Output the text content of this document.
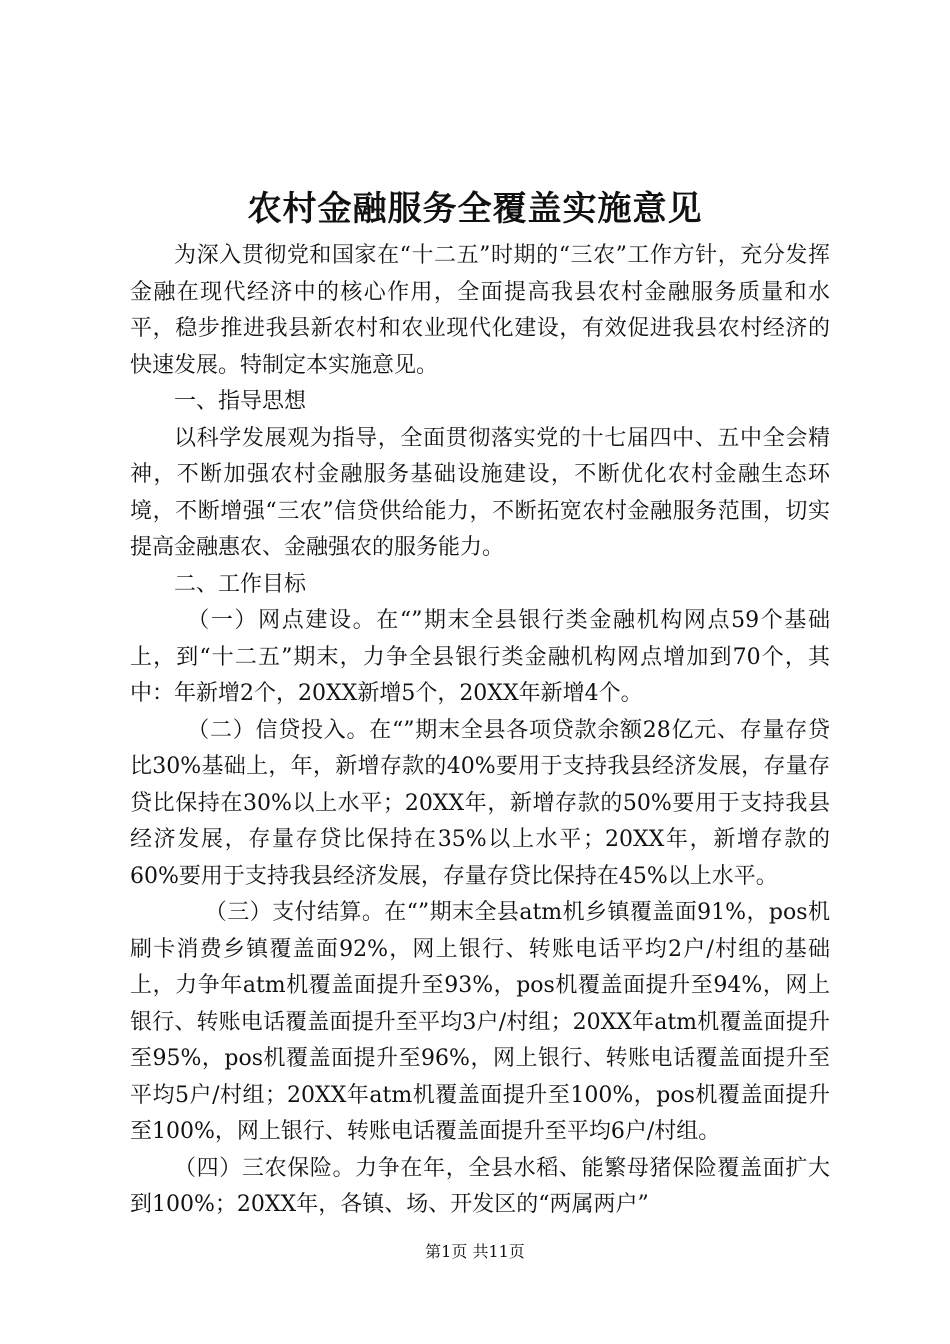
农村金融服务全覆盖实施意见

为深入贯彻党和国家在“十二五”时期的“三农”工作方针，充分发挥金融在现代经济中的核心作用，全面提高我县农村金融服务质量和水平，稳步推进我县新农村和农业现代化建设，有效促进我县农村经济的快速发展。特制定本实施意见。

一、指导思想

以科学发展观为指导，全面贯彻落实党的十七届四中、五中全会精神，不断加强农村金融服务基础设施建设，不断优化农村金融生态环境，不断增强“三农”信贷供给能力，不断拓宽农村金融服务范围，切实提高金融惠农、金融强农的服务能力。

二、工作目标

（一）网点建设。在“”期末全县银行类金融机构网点59个基础上，到“十二五”期末，力争全县银行类金融机构网点增加到70个，其中：年新增2个，20XX新增5个，20XX年新增4个。

（二）信贷投入。在“”期末全县各项贷款余额28亿元、存量存贷比30%基础上，年，新增存款的40%要用于支持我县经济发展，存量存贷比保持在30%以上水平；20XX年，新增存款的50%要用于支持我县经济发展，存量存贷比保持在35%以上水平；20XX年，新增存款的60%要用于支持我县经济发展，存量存贷比保持在45%以上水平。

（三）支付结算。在“”期末全县atm机乡镇覆盖面91%，pos机刷卡消费乡镇覆盖面92%，网上银行、转账电话平均2户/村组的基础上，力争年atm机覆盖面提升至93%，pos机覆盖面提升至94%，网上银行、转账电话覆盖面提升至平均3户/村组；20XX年atm机覆盖面提升至95%，pos机覆盖面提升至96%，网上银行、转账电话覆盖面提升至平均5户/村组；20XX年atm机覆盖面提升至100%，pos机覆盖面提升至100%，网上银行、转账电话覆盖面提升至平均6户/村组。

（四）三农保险。力争在年，全县水稻、能繁母猪保险覆盖面扩大到100%；20XX年，各镇、场、开发区的“两属两户”

第1页 共11页
